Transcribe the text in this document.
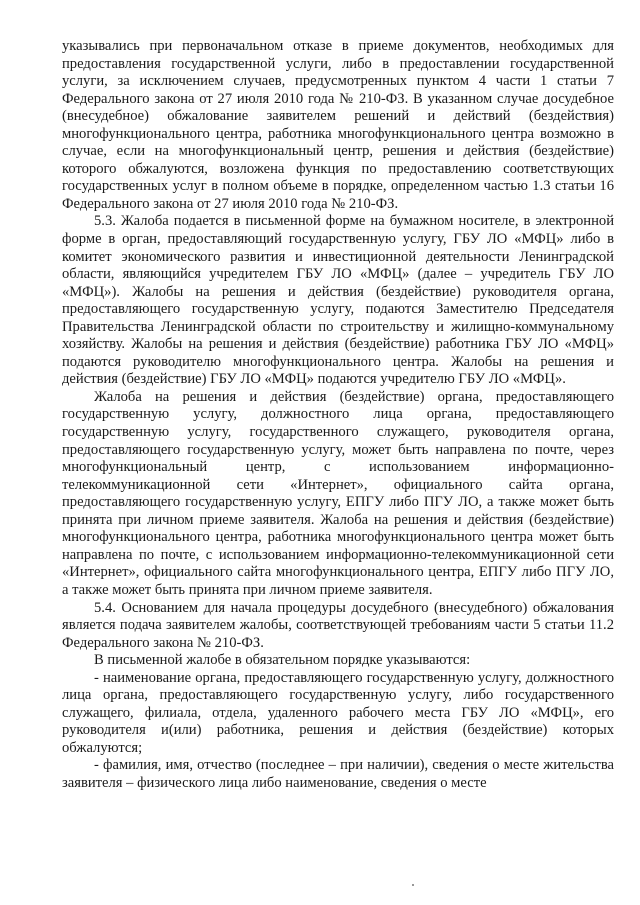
указывались при первоначальном отказе в приеме документов, необходимых для предоставления государственной услуги, либо в предоставлении государственной услуги, за исключением случаев, предусмотренных пунктом 4 части 1 статьи 7 Федерального закона от 27 июля 2010 года № 210-ФЗ. В указанном случае досудебное (внесудебное) обжалование заявителем решений и действий (бездействия) многофункционального центра, работника многофункционального центра возможно в случае, если на многофункциональный центр, решения и действия (бездействие) которого обжалуются, возложена функция по предоставлению соответствующих государственных услуг в полном объеме в порядке, определенном частью 1.3 статьи 16 Федерального закона от 27 июля 2010 года № 210-ФЗ.

5.3. Жалоба подается в письменной форме на бумажном носителе, в электронной форме в орган, предоставляющий государственную услугу, ГБУ ЛО «МФЦ» либо в комитет экономического развития и инвестиционной деятельности Ленинградской области, являющийся учредителем ГБУ ЛО «МФЦ» (далее – учредитель ГБУ ЛО «МФЦ»). Жалобы на решения и действия (бездействие) руководителя органа, предоставляющего государственную услугу, подаются Заместителю Председателя Правительства Ленинградской области по строительству и жилищно-коммунальному хозяйству. Жалобы на решения и действия (бездействие) работника ГБУ ЛО «МФЦ» подаются руководителю многофункционального центра. Жалобы на решения и действия (бездействие) ГБУ ЛО «МФЦ» подаются учредителю ГБУ ЛО «МФЦ».

Жалоба на решения и действия (бездействие) органа, предоставляющего государственную услугу, должностного лица органа, предоставляющего государственную услугу, государственного служащего, руководителя органа, предоставляющего государственную услугу, может быть направлена по почте, через многофункциональный центр, с использованием информационно-телекоммуникационной сети «Интернет», официального сайта органа, предоставляющего государственную услугу, ЕПГУ либо ПГУ ЛО, а также может быть принята при личном приеме заявителя. Жалоба на решения и действия (бездействие) многофункционального центра, работника многофункционального центра может быть направлена по почте, с использованием информационно-телекоммуникационной сети «Интернет», официального сайта многофункционального центра, ЕПГУ либо ПГУ ЛО, а также может быть принята при личном приеме заявителя.

5.4. Основанием для начала процедуры досудебного (внесудебного) обжалования является подача заявителем жалобы, соответствующей требованиям части 5 статьи 11.2 Федерального закона № 210-ФЗ.

В письменной жалобе в обязательном порядке указываются:

- наименование органа, предоставляющего государственную услугу, должностного лица органа, предоставляющего государственную услугу, либо государственного служащего, филиала, отдела, удаленного рабочего места ГБУ ЛО «МФЦ», его руководителя и(или) работника, решения и действия (бездействие) которых обжалуются;

- фамилия, имя, отчество (последнее – при наличии), сведения о месте жительства заявителя – физического лица либо наименование, сведения о месте
